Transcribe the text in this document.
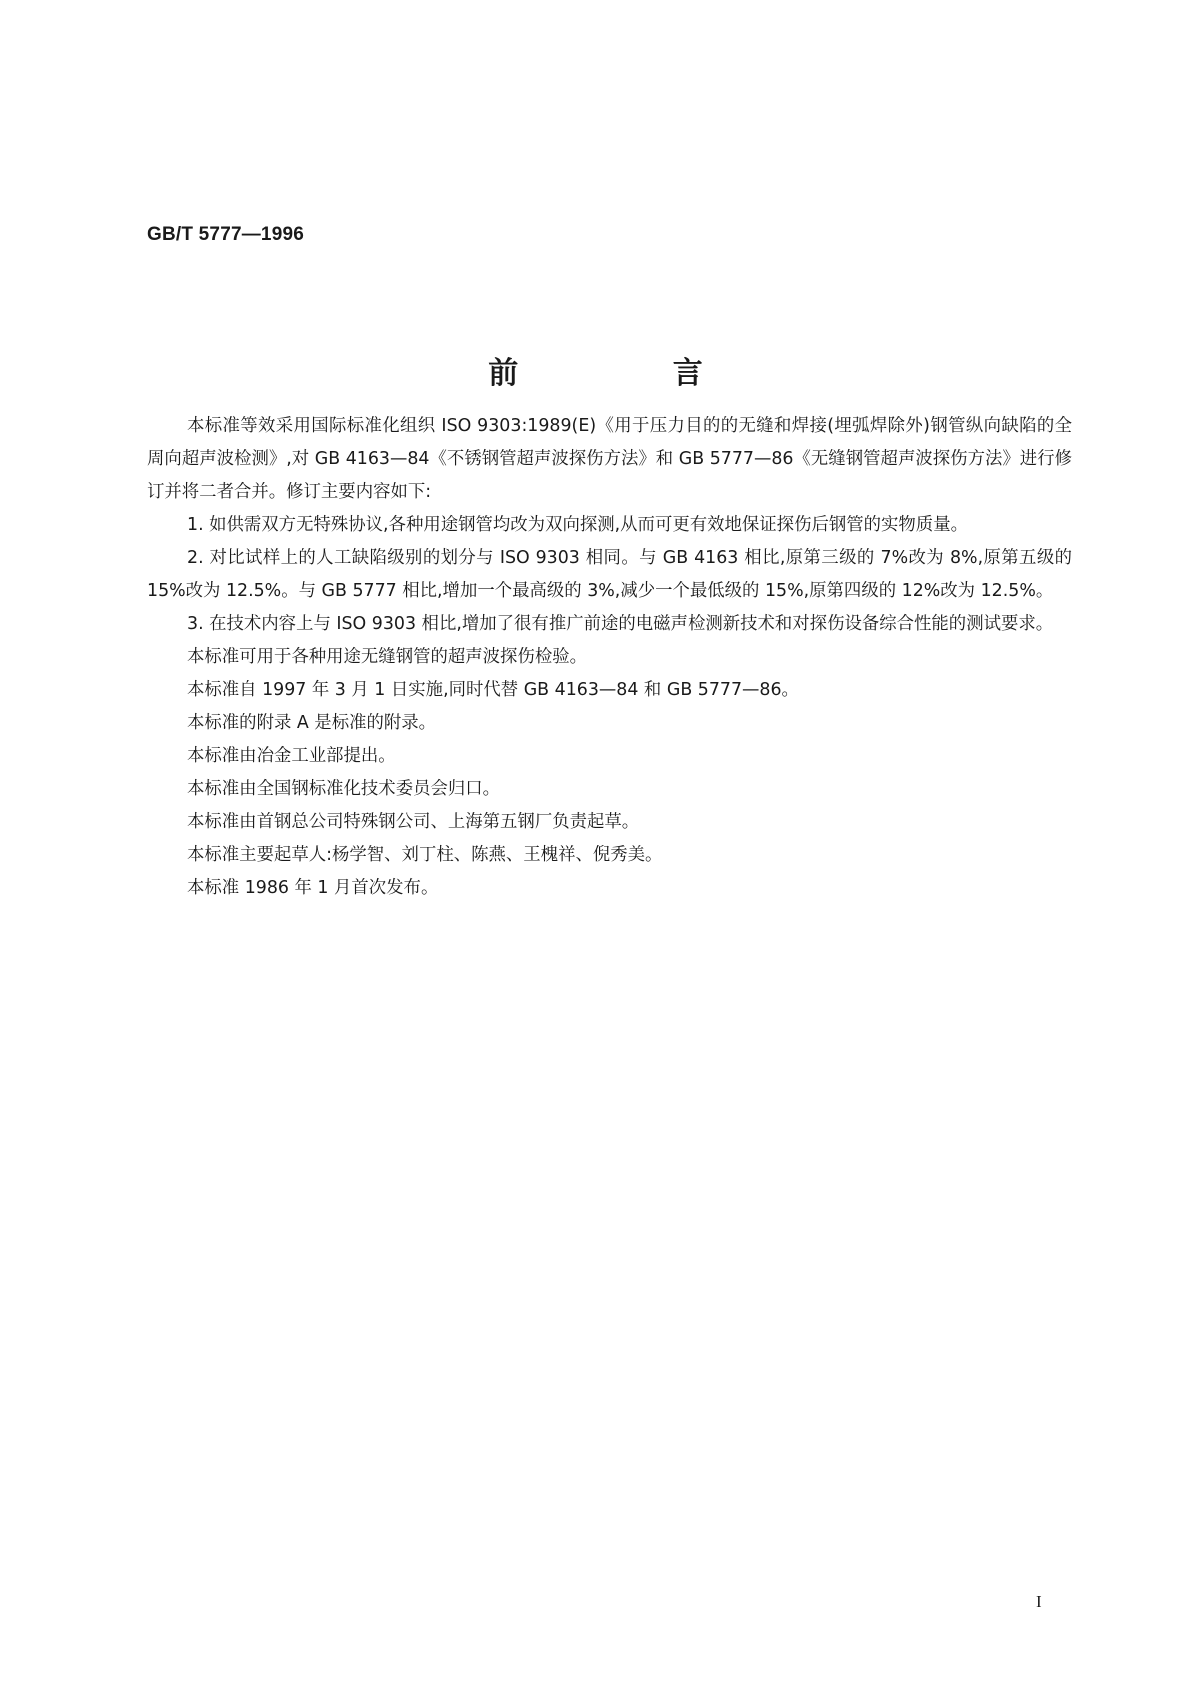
GB/T 5777—1996
前 言

本标准等效采用国际标准化组织 ISO 9303:1989(E)《用于压力目的的无缝和焊接(埋弧焊除外)钢管纵向缺陷的全周向超声波检测》,对 GB 4163—84《不锈钢管超声波探伤方法》和 GB 5777—86《无缝钢管超声波探伤方法》进行修订并将二者合并。修订主要内容如下:

1. 如供需双方无特殊协议,各种用途钢管均改为双向探测,从而可更有效地保证探伤后钢管的实物质量。

2. 对比试样上的人工缺陷级别的划分与 ISO 9303 相同。与 GB 4163 相比,原第三级的 7%改为 8%,原第五级的 15%改为 12.5%。与 GB 5777 相比,增加一个最高级的 3%,减少一个最低级的 15%,原第四级的 12%改为 12.5%。

3. 在技术内容上与 ISO 9303 相比,增加了很有推广前途的电磁声检测新技术和对探伤设备综合性能的测试要求。

本标准可用于各种用途无缝钢管的超声波探伤检验。

本标准自 1997 年 3 月 1 日实施,同时代替 GB 4163—84 和 GB 5777—86。

本标准的附录 A 是标准的附录。

本标准由冶金工业部提出。

本标准由全国钢标准化技术委员会归口。

本标准由首钢总公司特殊钢公司、上海第五钢厂负责起草。

本标准主要起草人:杨学智、刘丁柱、陈燕、王槐祥、倪秀美。

本标准 1986 年 1 月首次发布。

I
